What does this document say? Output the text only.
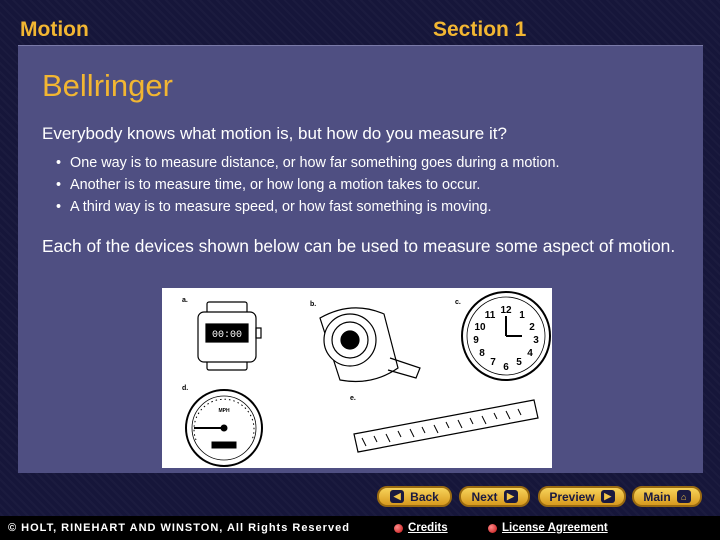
Motion	Section 1
Bellringer
Everybody knows what motion is, but how do you measure it?
• One way is to measure distance, or how far something goes during a motion.
• Another is to measure time, or how long a motion takes to occur.
• A third way is to measure speed, or how fast something is moving.
Each of the devices shown below can be used to measure some aspect of motion.
a.
b.	c.
d.
e.
00:00
12 1
2
3
4
5
6
7
8
9
10
11
MPH
◀ Back	Next	▶	Preview	▶	Main	⌂
© HOLT, RINEHART AND WINSTON, All Rights Reserved	Credits	License Agreement
